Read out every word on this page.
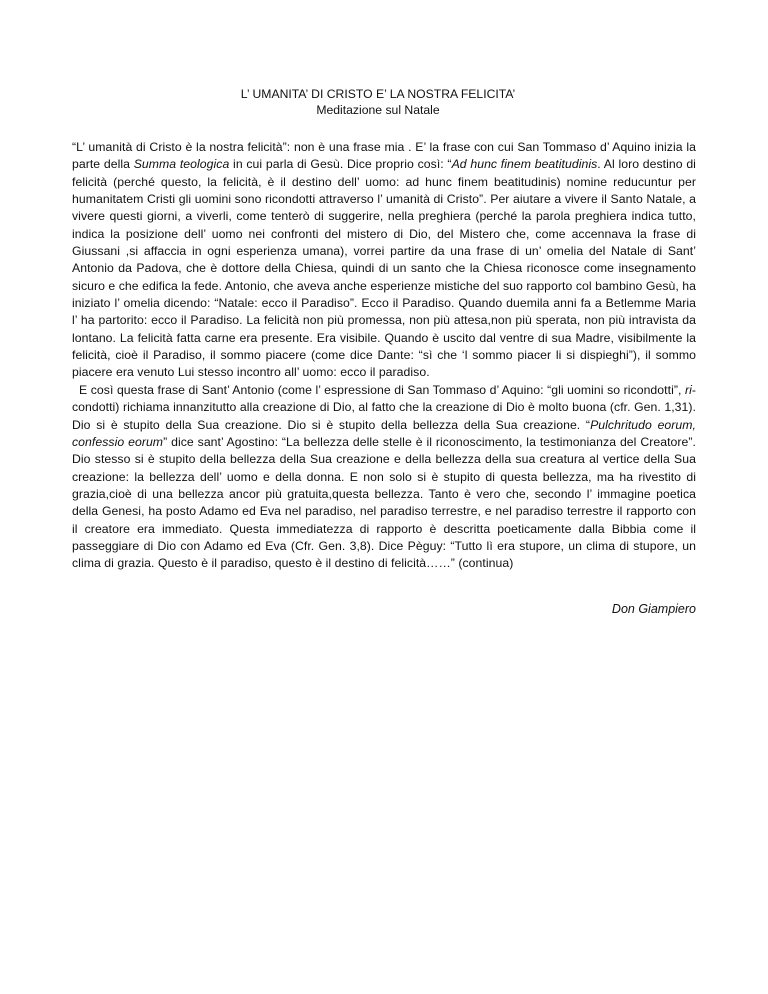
L’ UMANITA’ DI CRISTO E’ LA NOSTRA FELICITA’
Meditazione sul Natale

“L’ umanità di Cristo è la nostra felicità”: non è una frase mia . E’ la frase con cui San Tommaso d’ Aquino inizia la parte della Summa teologica in cui parla di Gesù. Dice proprio così: “Ad hunc finem beatitudinis. Al loro destino di felicità (perché questo, la felicità, è il destino dell’ uomo: ad hunc finem beatitudinis) nomine reducuntur per humanitatem Cristi gli uomini sono ricondotti attraverso l’ umanità di Cristo”. Per aiutare a vivere il Santo Natale, a vivere questi giorni, a viverli, come tenterò di suggerire, nella preghiera (perché la parola preghiera indica tutto, indica la posizione dell’ uomo nei confronti del mistero di Dio, del Mistero che, come accennava la frase di Giussani ,si affaccia in ogni esperienza umana), vorrei partire da una frase di un’ omelia del Natale di Sant’ Antonio da Padova, che è dottore della Chiesa, quindi di un santo che la Chiesa riconosce come insegnamento sicuro e che edifica la fede. Antonio, che aveva anche esperienze mistiche del suo rapporto col bambino Gesù, ha iniziato l’ omelia dicendo: “Natale: ecco il Paradiso”. Ecco il Paradiso. Quando duemila anni fa a Betlemme Maria l’ ha partorito: ecco il Paradiso. La felicità non più promessa, non più attesa,non più sperata, non più intravista da lontano. La felicità fatta carne era presente. Era visibile. Quando è uscito dal ventre di sua Madre, visibilmente la felicità, cioè il Paradiso, il sommo piacere (come dice Dante: “sì che ‘l sommo piacer li si dispieghi”), il sommo piacere era venuto Lui stesso incontro all’ uomo: ecco il paradiso.

E così questa frase di Sant’ Antonio (come l’ espressione di San Tommaso d’ Aquino: “gli uomini so ricondotti”, ri-condotti) richiama innanzitutto alla creazione di Dio, al fatto che la creazione di Dio è molto buona (cfr. Gen. 1,31). Dio si è stupito della Sua creazione. Dio si è stupito della bellezza della Sua creazione. “Pulchritudo eorum, confessio eorum” dice sant’ Agostino: “La bellezza delle stelle è il riconoscimento, la testimonianza del Creatore”. Dio stesso si è stupito della bellezza della Sua creazione e della bellezza della sua creatura al vertice della Sua creazione: la bellezza dell’ uomo e della donna. E non solo si è stupito di questa bellezza, ma ha rivestito di grazia,cioè di una bellezza ancor più gratuita,questa bellezza. Tanto è vero che, secondo l’ immagine poetica della Genesi, ha posto Adamo ed Eva nel paradiso, nel paradiso terrestre, e nel paradiso terrestre il rapporto con il creatore era immediato. Questa immediatezza di rapporto è descritta poeticamente dalla Bibbia come il passeggiare di Dio con Adamo ed Eva (Cfr. Gen. 3,8). Dice Pèguy: “Tutto lì era stupore, un clima di stupore, un clima di grazia. Questo è il paradiso, questo è il destino di felicità……” (continua)

Don Giampiero
